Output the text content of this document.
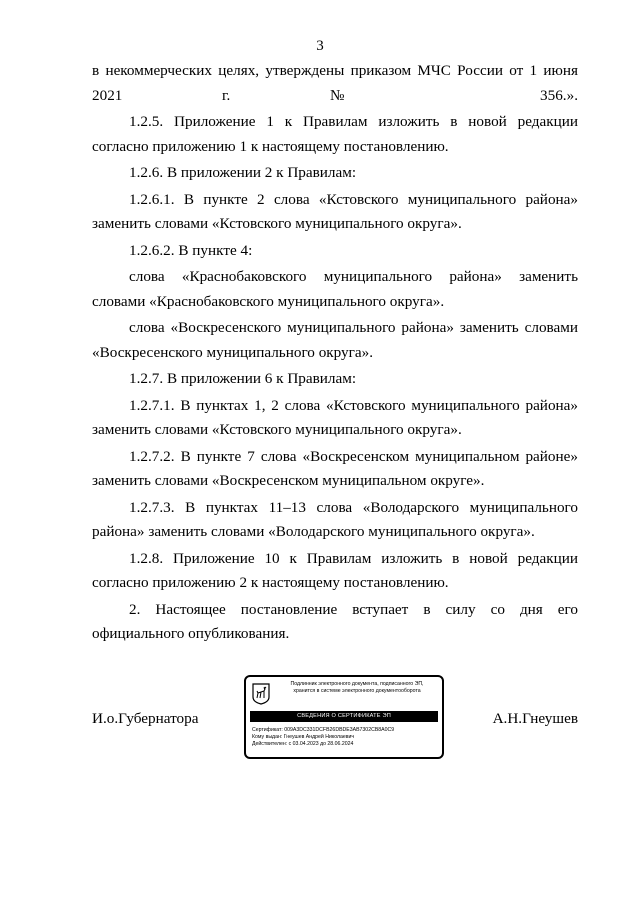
3

в некоммерческих целях, утверждены приказом МЧС России от 1 июня 2021 г. № 356.».

1.2.5. Приложение 1 к Правилам изложить в новой редакции согласно приложению 1 к настоящему постановлению.

1.2.6. В приложении 2 к Правилам:

1.2.6.1. В пункте 2 слова «Кстовского муниципального района» заменить словами «Кстовского муниципального округа».

1.2.6.2. В пункте 4:

слова «Краснобаковского муниципального района» заменить словами «Краснобаковского муниципального округа».

слова «Воскресенского муниципального района» заменить словами «Воскресенского муниципального округа».

1.2.7. В приложении 6 к Правилам:

1.2.7.1. В пунктах 1, 2 слова «Кстовского муниципального района» заменить словами «Кстовского муниципального округа».

1.2.7.2. В пункте 7 слова «Воскресенском муниципальном районе» заменить словами «Воскресенском муниципальном округе».

1.2.7.3. В пунктах 11–13 слова «Володарского муниципального района» заменить словами «Володарского муниципального округа».

1.2.8. Приложение 10 к Правилам изложить в новой редакции согласно приложению 2 к настоящему постановлению.

2. Настоящее постановление вступает в силу со дня его официального опубликования.

И.о.Губернатора	А.Н.Гнеушев
Подлинник электронного документа, подписанного ЭП,
хранится в системе электронного документооборота
СВЕДЕНИЯ О СЕРТИФИКАТЕ ЭП
Сертификат: 009A3DC331DCFB26DBDE3AB7302CB8A0C9
Кому выдан: Гнеушев Андрей Николаевич
Действителен: с 03.04.2023 до 28.06.2024
